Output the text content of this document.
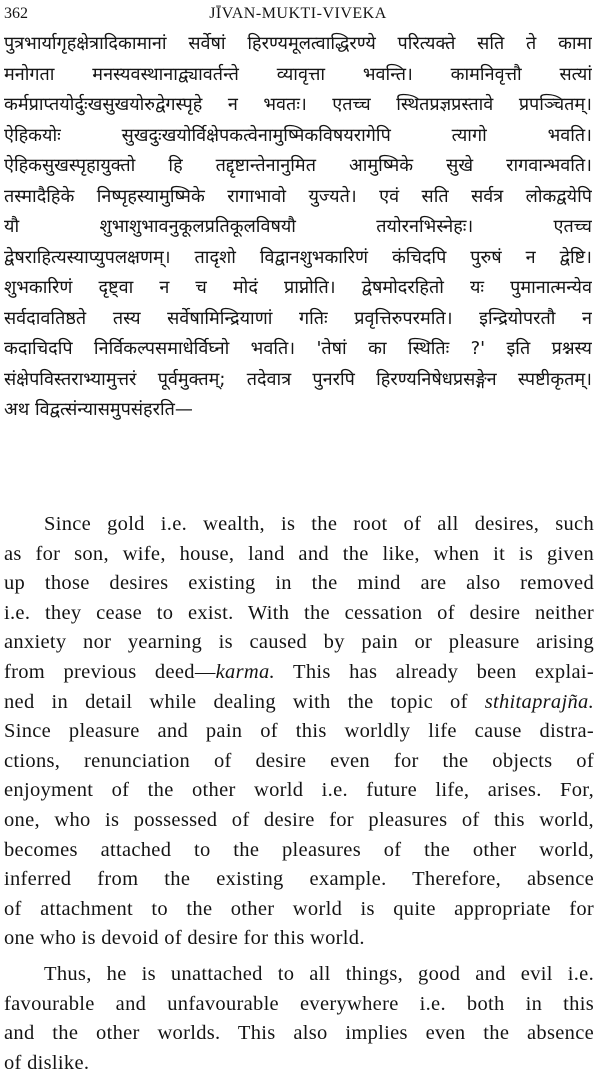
362	JĪVAN-MUKTI-VIVEKA
पुत्रभार्यागृहक्षेत्रादिकामानां सर्वेषां हिरण्यमूलत्वाद्धिरण्ये परित्यक्ते सति ते कामा
मनोगता मनस्यवस्थानाद्व्यावर्तन्ते व्यावृत्ता भवन्ति। कामनिवृत्तौ सत्यां
कर्मप्राप्तयोर्दुःखसुखयोरुद्वेगस्पृहे न भवतः। एतच्च स्थितप्रज्ञप्रस्तावे प्रपञ्चितम्।
ऐहिकयोः सुखदुःखयोर्विक्षेपकत्वेनामुष्मिकविषयरागेपि त्यागो भवति।
ऐहिकसुखस्पृहायुक्तो हि तद्दृष्टान्तेनानुमित आमुष्मिके सुखे रागवान्भवति।
तस्मादैहिके निष्पृहस्यामुष्मिके रागाभावो युज्यते। एवं सति सर्वत्र लोकद्वयेपि
यौ शुभाशुभावनुकूलप्रतिकूलविषयौ तयोरनभिस्नेहः। एतच्च
द्वेषराहित्यस्याप्युपलक्षणम्। तादृशो विद्वानशुभकारिणं कंचिदपि पुरुषं न द्वेष्टि।
शुभकारिणं दृष्ट्वा न च मोदं प्राप्नोति। द्वेषमोदरहितो यः पुमानात्मन्येव
सर्वदावतिष्ठते तस्य सर्वेषामिन्द्रियाणां गतिः प्रवृत्तिरुपरमति। इन्द्रियोपरतौ न
कदाचिदपि निर्विकल्पसमाधेर्विघ्नो भवति। 'तेषां का स्थितिः ?' इति प्रश्नस्य
संक्षेपविस्तराभ्यामुत्तरं पूर्वमुक्तम्; तदेवात्र पुनरपि हिरण्यनिषेधप्रसङ्गेन स्पष्टीकृतम्।
अथ विद्वत्संन्यासमुपसंहरति—
Since gold i.e. wealth, is the root of all desires, such
as for son, wife, house, land and the like, when it is given
up those desires existing in the mind are also removed
i.e. they cease to exist. With the cessation of desire neither
anxiety nor yearning is caused by pain or pleasure arising
from previous deed—karma. This has already been explai-
ned in detail while dealing with the topic of sthitaprajña.
Since pleasure and pain of this worldly life cause distra-
ctions, renunciation of desire even for the objects of
enjoyment of the other world i.e. future life, arises. For,
one, who is possessed of desire for pleasures of this world,
becomes attached to the pleasures of the other world,
inferred from the existing example. Therefore, absence
of attachment to the other world is quite appropriate for
one who is devoid of desire for this world.
Thus, he is unattached to all things, good and evil i.e.
favourable and unfavourable everywhere i.e. both in this
and the other worlds. This also implies even the absence
of dislike.
